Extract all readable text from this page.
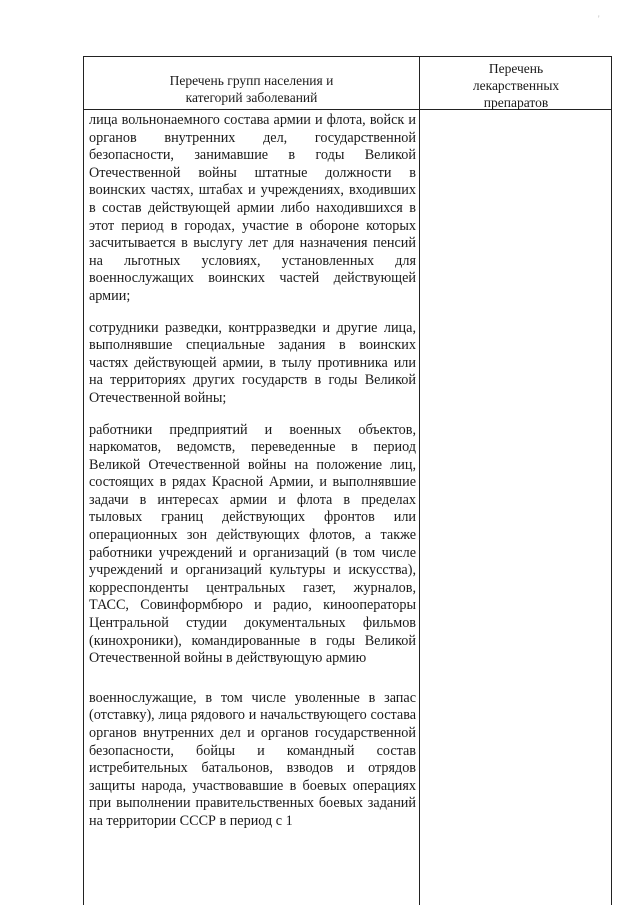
'
Перечень групп населения и
категорий заболеваний
Перечень
лекарственных
препаратов

лица вольнонаемного состава армии и флота, войск и органов внутренних дел, государственной безопасности, занимавшие в годы Великой Отечественной войны штатные должности в воинских частях, штабах и учреждениях, входивших в состав действующей армии либо находившихся в этот период в городах, участие в обороне которых засчитывается в выслугу лет для назначения пенсий на льготных условиях, установленных для военнослужащих воинских частей действующей армии;

сотрудники разведки, контрразведки и другие лица, выполнявшие специальные задания в воинских частях действующей армии, в тылу противника или на территориях других государств в годы Великой Отечественной войны;

работники предприятий и военных объектов, наркоматов, ведомств, переведенные в период Великой Отечественной войны на положение лиц, состоящих в рядах Красной Армии, и выполнявшие задачи в интересах армии и флота в пределах тыловых границ действующих фронтов или операционных зон действующих флотов, а также работники учреждений и организаций (в том числе учреждений и организаций культуры и искусства), корреспонденты центральных газет, журналов, ТАСС, Совинформбюро и радио, кинооператоры Центральной студии документальных фильмов (кинохроники), командированные в годы Великой Отечественной войны в действующую армию

военнослужащие, в том числе уволенные в запас (отставку), лица рядового и начальствующего состава органов внутренних дел и органов государственной безопасности, бойцы и командный состав истребительных батальонов, взводов и отрядов защиты народа, участвовавшие в боевых операциях при выполнении правительственных боевых заданий на территории СССР в период с 1
